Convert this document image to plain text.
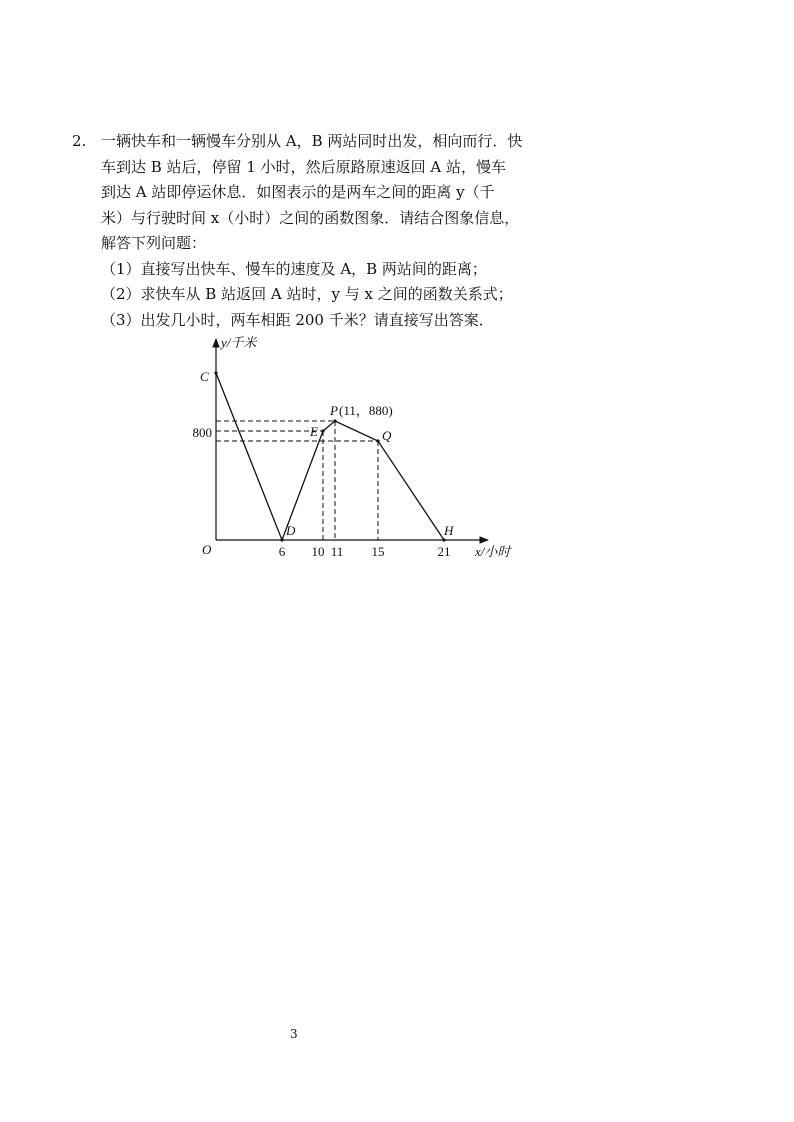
2. 一辆快车和一辆慢车分别从 A，B 两站同时出发，相向而行．快
车到达 B 站后，停留 1 小时，然后原路原速返回 A 站，慢车
到达 A 站即停运休息．如图表示的是两车之间的距离 y（千
米）与行驶时间 x（小时）之间的函数图象．请结合图象信息，
解答下列问题：
（1）直接写出快车、慢车的速度及 A，B 两站间的距离；
（2）求快车从 B 站返回 A 站时，y 与 x 之间的函数关系式；
（3）出发几小时，两车相距 200 千米？请直接写出答案．
y/千米
x/小时
O
C
D
E
P (11，880)
Q
H
800
6 10 11 15	21
3
